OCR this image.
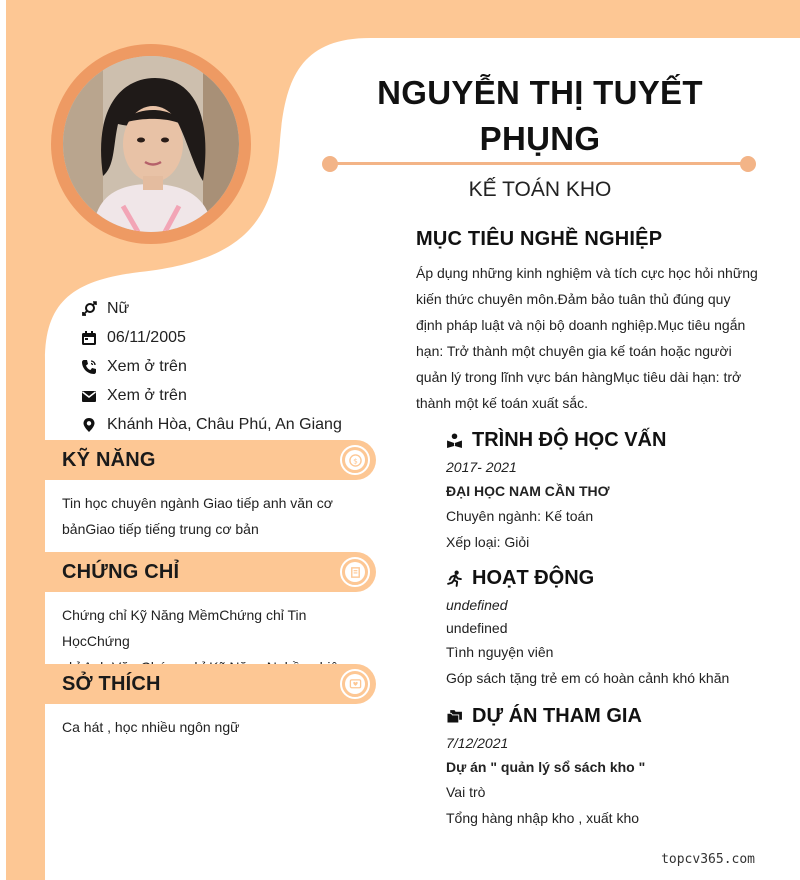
NGUYỄN THỊ TUYẾT
PHỤNG
KẾ TOÁN KHO
Nữ
06/11/2005
Xem ở trên
Xem ở trên
Khánh Hòa, Châu Phú, An Giang
KỸ NĂNG	$
Tin học chuyên ngành Giao tiếp anh văn cơ
bảnGiao tiếp tiếng trung cơ bản
CHỨNG CHỈ
Chứng chỉ Kỹ Năng MềmChứng chỉ Tin HọcChứng
SỞ THÍCH
Ca hát , học nhiều ngôn ngữ
MỤC TIÊU NGHỀ NGHIỆP
Áp dụng những kinh nghiệm và tích cực học hỏi những
kiến thức chuyên môn.Đảm bảo tuân thủ đúng quy
định pháp luật và nội bộ doanh nghiệp.Mục tiêu ngắn
hạn: Trở thành một chuyên gia kế toán hoặc người
quản lý trong lĩnh vực bán hàngMục tiêu dài hạn: trở
thành một kế toán xuất sắc.
TRÌNH ĐỘ HỌC VẤN
2017- 2021
ĐẠI HỌC NAM CẦN THƠ
Chuyên ngành: Kế toán
Xếp loại: Giỏi
HOẠT ĐỘNG
undefined
undefined
Tình nguyện viên
Góp sách tặng trẻ em có hoàn cảnh khó khăn
DỰ ÁN THAM GIA
7/12/2021
Dự án " quản lý sổ sách kho "
Vai trò
Tổng hàng nhập kho , xuất kho
topcv365.com
